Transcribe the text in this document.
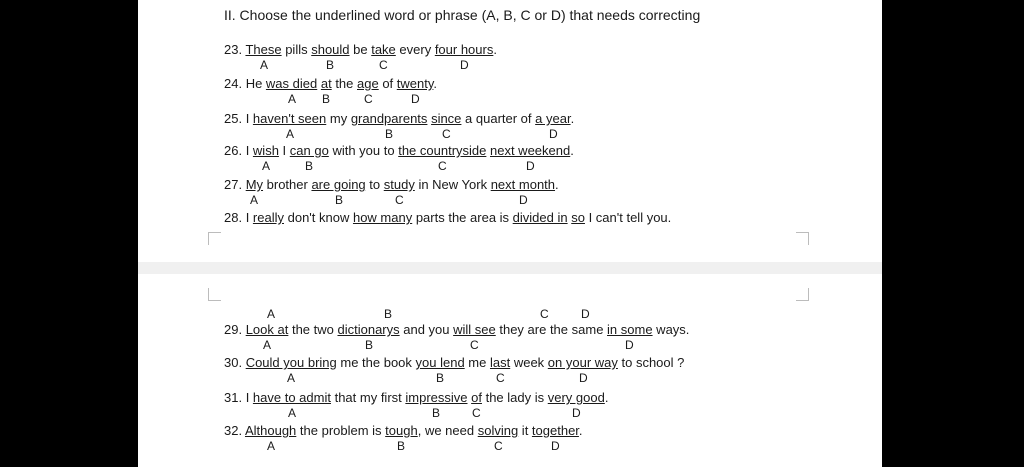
II. Choose the underlined word or phrase (A, B, C or D) that needs correcting
23. These pills should be take every four hours.
24. He was died at the age of twenty.
25. I haven't seen my grandparents since a quarter of a year.
26. I wish I can go with you to the countryside next weekend.
27. My brother are going to study in New York next month.
28. I really don't know how many parts the area is divided in so I can't tell you.
A	B	C	D
29. Look at the two dictionarys and you will see they are the same in some ways.
30. Could you bring me the book you lend me last week on your way to school ?
31. I have to admit that my first impressive of the lady is very good.
32. Although the problem is tough, we need solving it together.
A	B	C	D
A B	C	D
A	B	C	D
A	B	C	D
A	B	C	D
A	B	C	D
A	B	C	D
A	B	C	D
A	B	C	D
